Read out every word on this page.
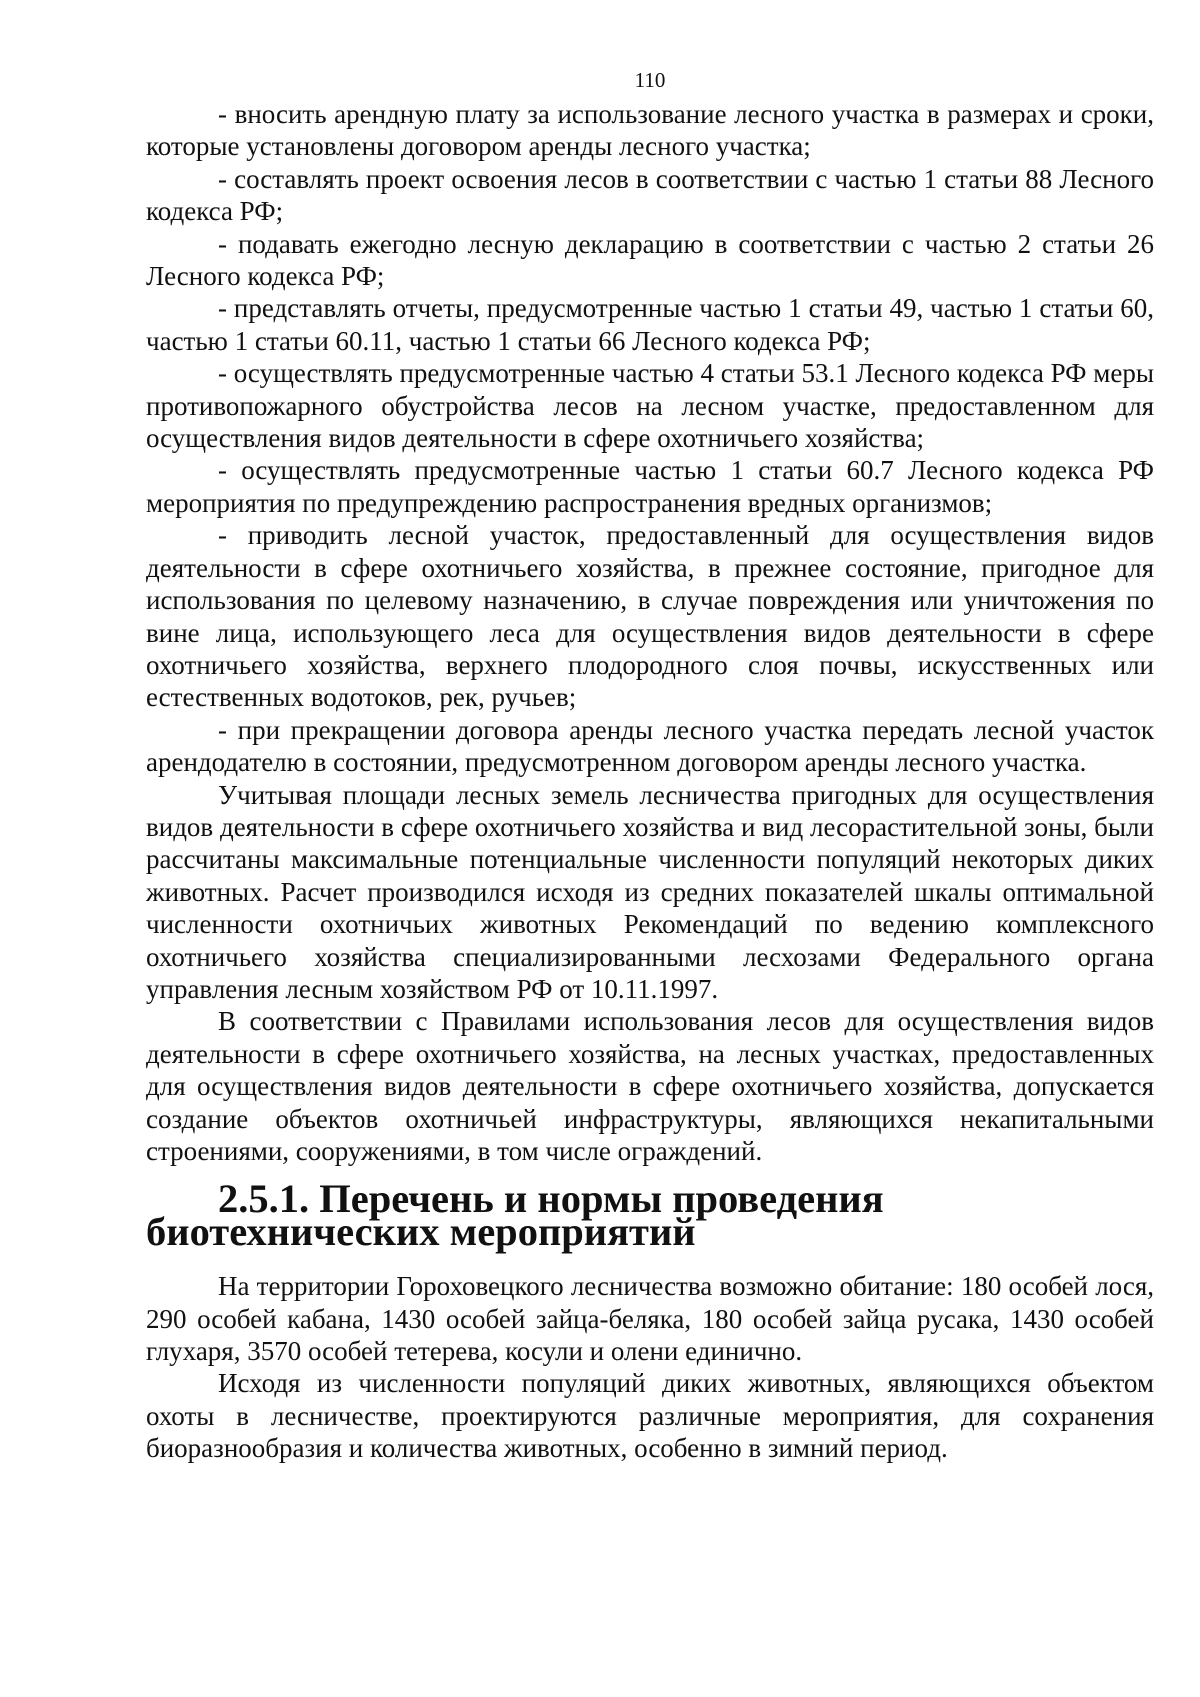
110

- вносить арендную плату за использование лесного участка в размерах и сроки, которые установлены договором аренды лесного участка;

- составлять проект освоения лесов в соответствии с частью 1 статьи 88 Лесного кодекса РФ;

- подавать ежегодно лесную декларацию в соответствии с частью 2 статьи 26 Лесного кодекса РФ;

- представлять отчеты, предусмотренные частью 1 статьи 49, частью 1 статьи 60, частью 1 статьи 60.11, частью 1 статьи 66 Лесного кодекса РФ;

- осуществлять предусмотренные частью 4 статьи 53.1 Лесного кодекса РФ меры противопожарного обустройства лесов на лесном участке, предоставленном для осуществления видов деятельности в сфере охотничьего хозяйства;

- осуществлять предусмотренные частью 1 статьи 60.7 Лесного кодекса РФ мероприятия по предупреждению распространения вредных организмов;

- приводить лесной участок, предоставленный для осуществления видов деятельности в сфере охотничьего хозяйства, в прежнее состояние, пригодное для использования по целевому назначению, в случае повреждения или уничтожения по вине лица, использующего леса для осуществления видов деятельности в сфере охотничьего хозяйства, верхнего плодородного слоя почвы, искусственных или естественных водотоков, рек, ручьев;

- при прекращении договора аренды лесного участка передать лесной участок арендодателю в состоянии, предусмотренном договором аренды лесного участка.

Учитывая площади лесных земель лесничества пригодных для осуществления видов деятельности в сфере охотничьего хозяйства и вид лесорастительной зоны, были рассчитаны максимальные потенциальные численности популяций некоторых диких животных. Расчет производился исходя из средних показателей шкалы оптимальной численности охотничьих животных Рекомендаций по ведению комплексного охотничьего хозяйства специализированными лесхозами Федерального органа управления лесным хозяйством РФ от 10.11.1997.

В соответствии с Правилами использования лесов для осуществления видов деятельности в сфере охотничьего хозяйства, на лесных участках, предоставленных для осуществления видов деятельности в сфере охотничьего хозяйства, допускается создание объектов охотничьей инфраструктуры, являющихся некапитальными строениями, сооружениями, в том числе ограждений.

2.5.1. Перечень и нормы проведения биотехнических мероприятий

На территории Гороховецкого лесничества возможно обитание: 180 особей лося, 290 особей кабана, 1430 особей зайца-беляка, 180 особей зайца русака, 1430 особей глухаря, 3570 особей тетерева, косули и олени единично.

Исходя из численности популяций диких животных, являющихся объектом охоты в лесничестве, проектируются различные мероприятия, для сохранения биоразнообразия и количества животных, особенно в зимний период.
